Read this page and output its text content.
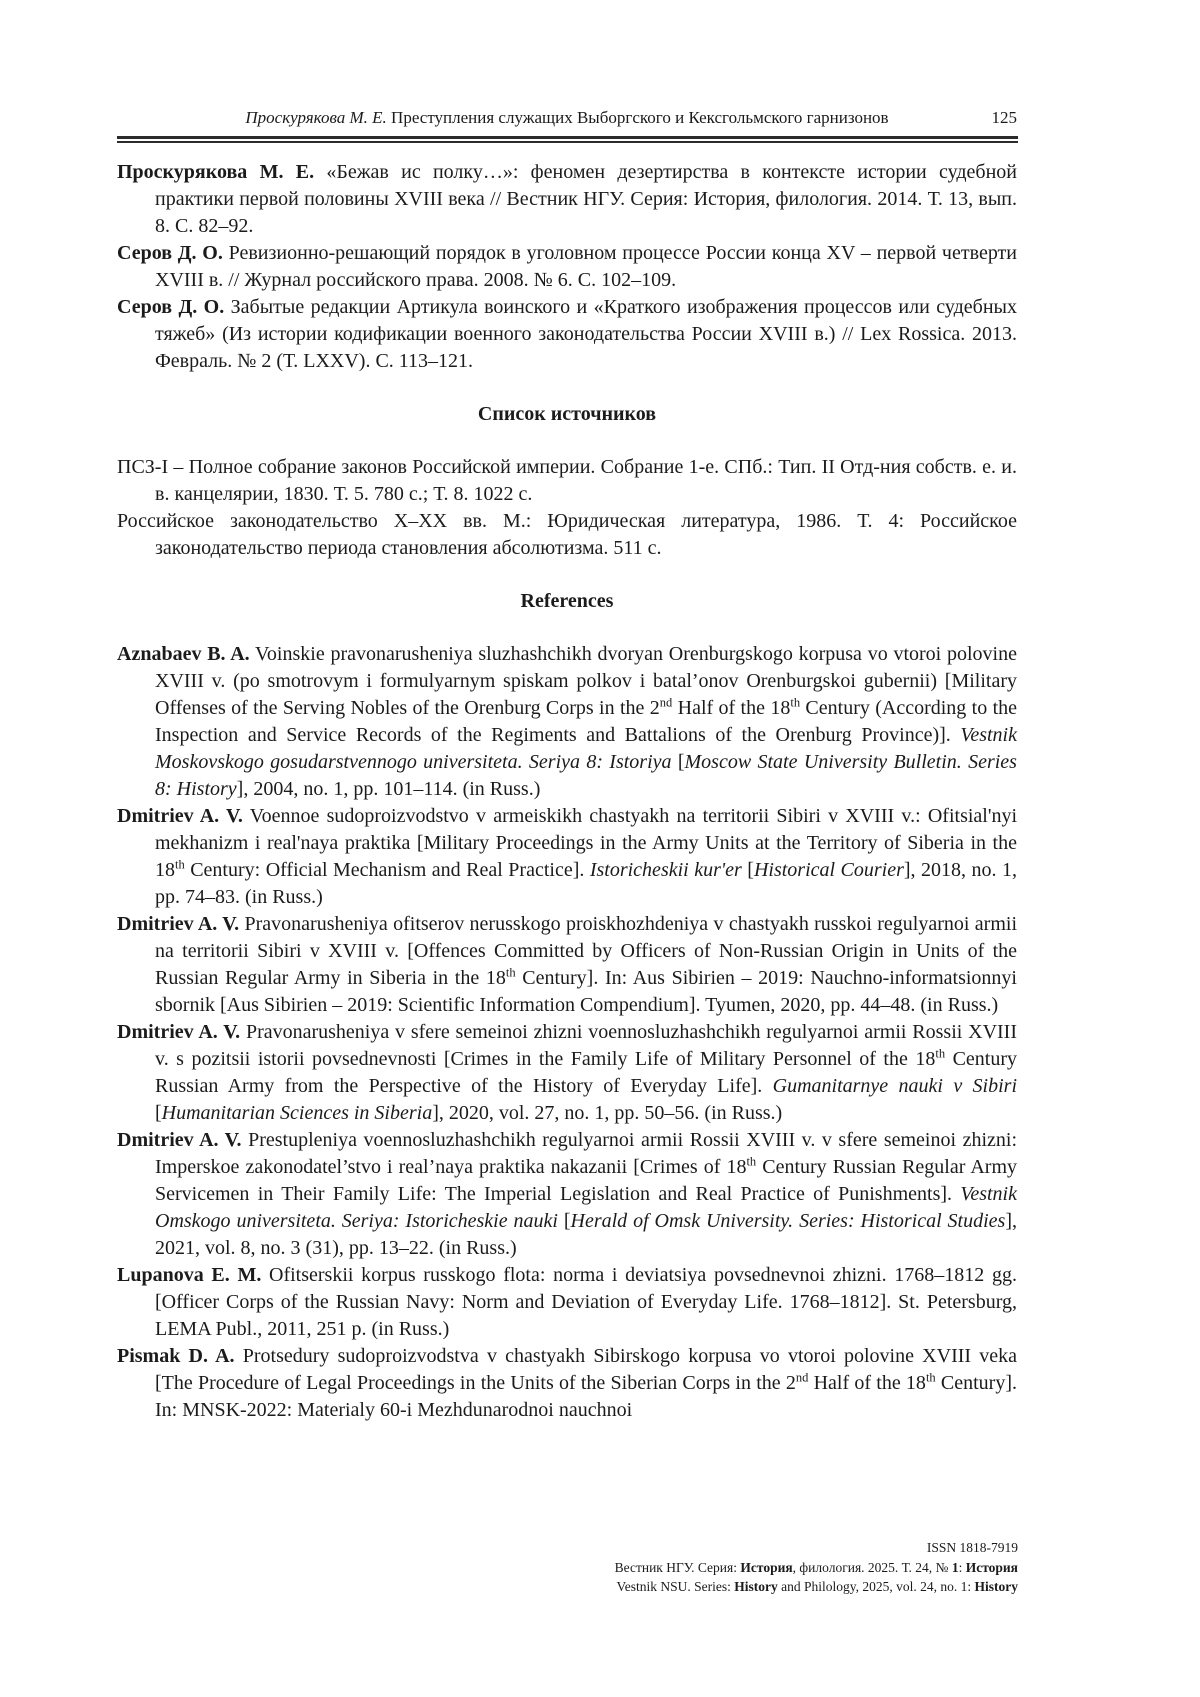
Проскурякова М. Е. Преступления служащих Выборгского и Кексгольмского гарнизонов	125
Проскурякова М. Е. «Бежав ис полку…»: феномен дезертирства в контексте истории судебной практики первой половины XVIII века // Вестник НГУ. Серия: История, филология. 2014. Т. 13, вып. 8. С. 82–92.
Серов Д. О. Ревизионно-решающий порядок в уголовном процессе России конца XV – первой четверти XVIII в. // Журнал российского права. 2008. № 6. С. 102–109.
Серов Д. О. Забытые редакции Артикула воинского и «Краткого изображения процессов или судебных тяжеб» (Из истории кодификации военного законодательства России XVIII в.) // Lex Rossica. 2013. Февраль. № 2 (Т. LXXV). С. 113–121.
Список источников
ПСЗ-I – Полное собрание законов Российской империи. Собрание 1-е. СПб.: Тип. II Отд-ния собств. е. и. в. канцелярии, 1830. Т. 5. 780 с.; Т. 8. 1022 с.
Российское законодательство X–XX вв. М.: Юридическая литература, 1986. Т. 4: Российское законодательство периода становления абсолютизма. 511 с.
References
Aznabaev B. A. Voinskie pravonarusheniya sluzhashchikh dvoryan Orenburgskogo korpusa vo vtoroi polovine XVIII v. (po smotrovym i formulyarnym spiskam polkov i batal’onov Orenburgskoi gubernii) [Military Offenses of the Serving Nobles of the Orenburg Corps in the 2nd Half of the 18th Century (According to the Inspection and Service Records of the Regiments and Battalions of the Orenburg Province)]. Vestnik Moskovskogo gosudarstvennogo universiteta. Seriya 8: Istoriya [Moscow State University Bulletin. Series 8: History], 2004, no. 1, pp. 101–114. (in Russ.)
Dmitriev A. V. Voennoe sudoproizvodstvo v armeiskikh chastyakh na territorii Sibiri v XVIII v.: Ofitsial'nyi mekhanizm i real'naya praktika [Military Proceedings in the Army Units at the Territory of Siberia in the 18th Century: Official Mechanism and Real Practice]. Istoricheskii kur'er [Historical Courier], 2018, no. 1, pp. 74–83. (in Russ.)
Dmitriev A. V. Pravonarusheniya ofitserov nerusskogo proiskhozhdeniya v chastyakh russkoi regulyarnoi armii na territorii Sibiri v XVIII v. [Offences Committed by Officers of Non-Russian Origin in Units of the Russian Regular Army in Siberia in the 18th Century]. In: Aus Sibirien – 2019: Nauchno-informatsionnyi sbornik [Aus Sibirien – 2019: Scientific Information Compendium]. Tyumen, 2020, pp. 44–48. (in Russ.)
Dmitriev A. V. Pravonarusheniya v sfere semeinoi zhizni voennosluzhashchikh regulyarnoi armii Rossii XVIII v. s pozitsii istorii povsednevnosti [Crimes in the Family Life of Military Personnel of the 18th Century Russian Army from the Perspective of the History of Everyday Life]. Gumanitarnye nauki v Sibiri [Humanitarian Sciences in Siberia], 2020, vol. 27, no. 1, pp. 50–56. (in Russ.)
Dmitriev A. V. Prestupleniya voennosluzhashchikh regulyarnoi armii Rossii XVIII v. v sfere semeinoi zhizni: Imperskoe zakonodatel’stvo i real’naya praktika nakazanii [Crimes of 18th Century Russian Regular Army Servicemen in Their Family Life: The Imperial Legislation and Real Practice of Punishments]. Vestnik Omskogo universiteta. Seriya: Istoricheskie nauki [Herald of Omsk University. Series: Historical Studies], 2021, vol. 8, no. 3 (31), pp. 13–22. (in Russ.)
Lupanova E. M. Ofitserskii korpus russkogo flota: norma i deviatsiya povsednevnoi zhizni. 1768–1812 gg. [Officer Corps of the Russian Navy: Norm and Deviation of Everyday Life. 1768–1812]. St. Petersburg, LEMA Publ., 2011, 251 p. (in Russ.)
Pismak D. A. Protsedury sudoproizvodstva v chastyakh Sibirskogo korpusa vo vtoroi polovine XVIII veka [The Procedure of Legal Proceedings in the Units of the Siberian Corps in the 2nd Half of the 18th Century]. In: MNSK-2022: Materialy 60-i Mezhdunarodnoi nauchnoi
ISSN 1818-7919
Вестник НГУ. Серия: История, филология. 2025. Т. 24, № 1: История
Vestnik NSU. Series: History and Philology, 2025, vol. 24, no. 1: History
